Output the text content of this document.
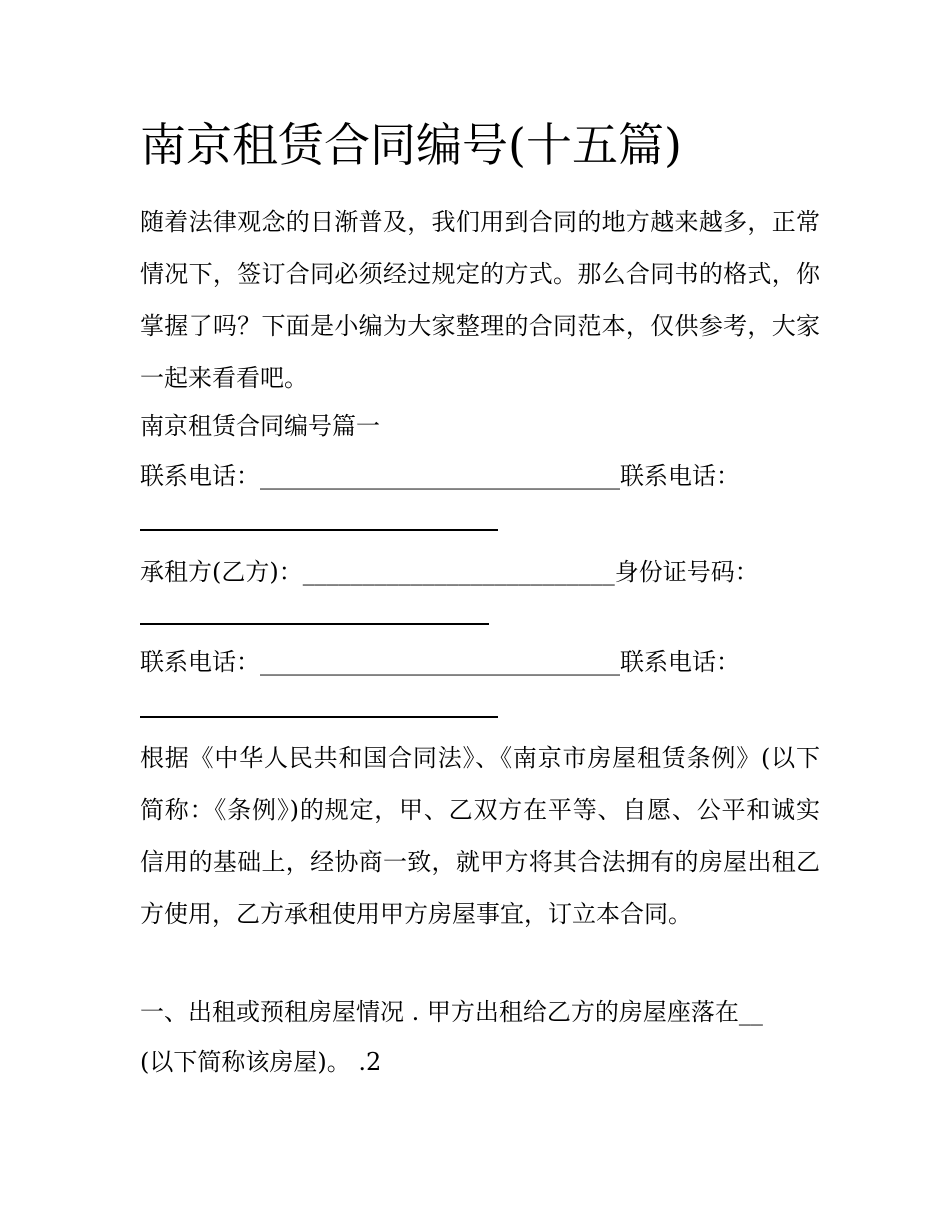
南京租赁合同编号(十五篇)

随着法律观念的日渐普及，我们用到合同的地方越来越多，正常情况下，签订合同必须经过规定的方式。那么合同书的格式，你掌握了吗？下面是小编为大家整理的合同范本，仅供参考，大家一起来看看吧。

南京租赁合同编号篇一

联系电话：______________________________联系电话：

承租方(乙方)：__________________________身份证号码：

联系电话：______________________________联系电话：

根据《中华人民共和国合同法》、《南京市房屋租赁条例》(以下简称：《条例》)的规定，甲、乙双方在平等、自愿、公平和诚实信用的基础上，经协商一致，就甲方将其合法拥有的房屋出租乙方使用，乙方承租使用甲方房屋事宜，订立本合同。

一、出租或预租房屋情况 . 甲方出租给乙方的房屋座落在__

(以下简称该房屋)。 .2
